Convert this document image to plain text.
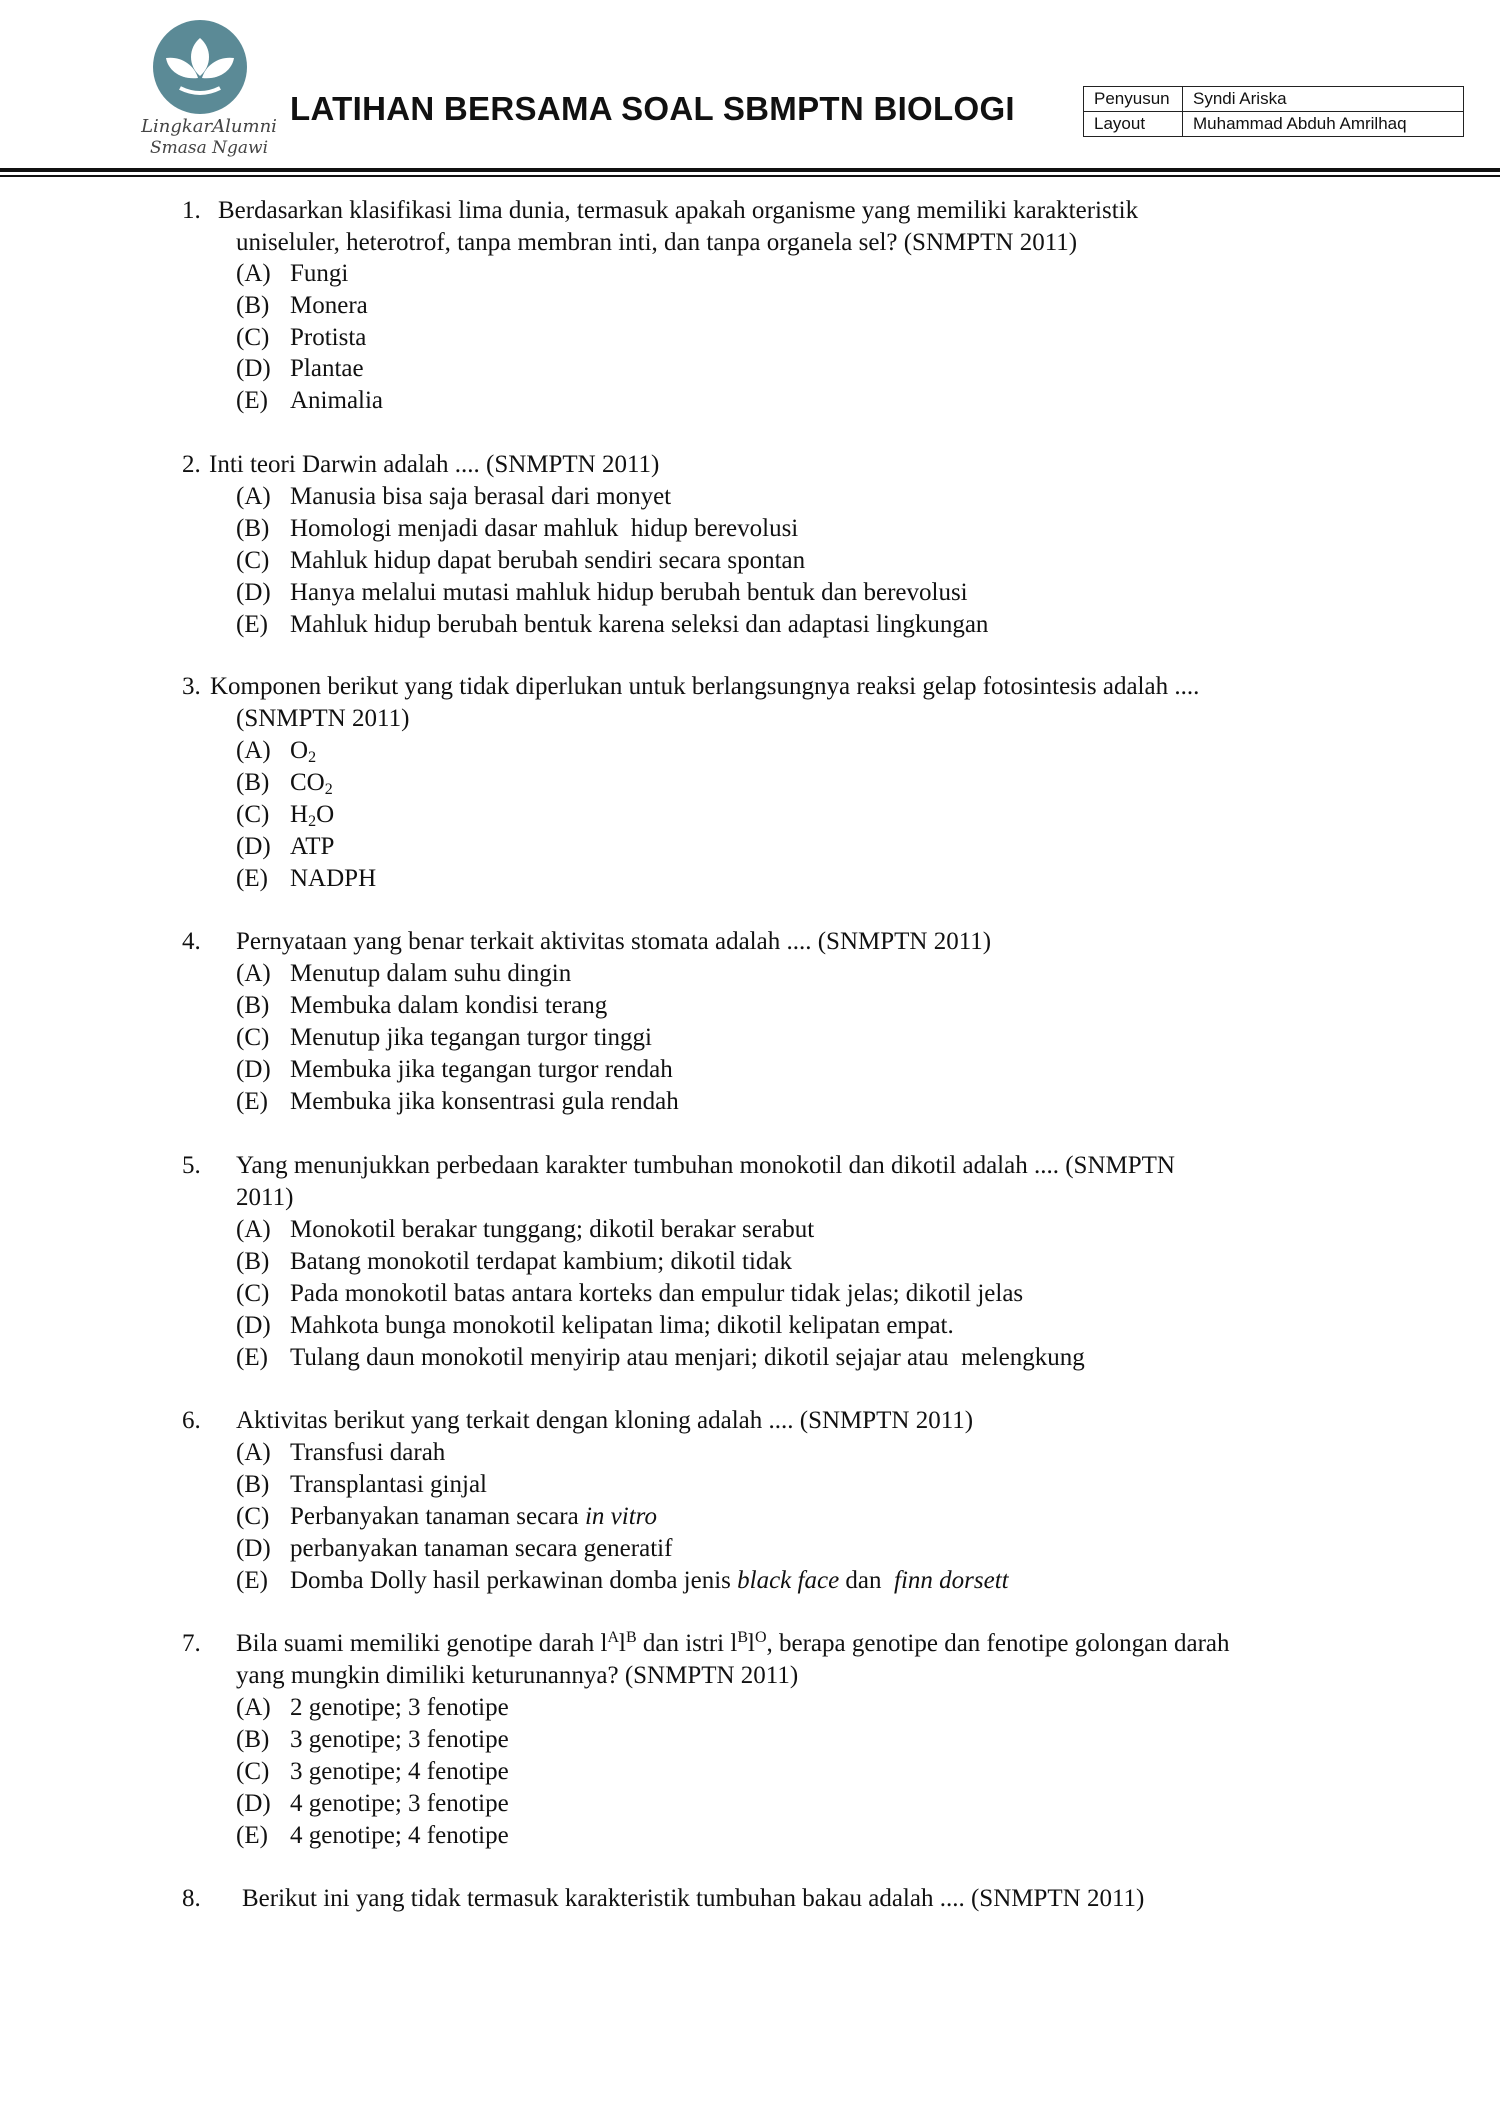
LingkarAlumni
Smasa Ngawi
LATIHAN BERSAMA SOAL SBMPTN BIOLOGI	Penyusun	Syndi Ariska
Layout	Muhammad Abduh Amrilhaq
1. Berdasarkan klasifikasi lima dunia, termasuk apakah organisme yang memiliki karakteristik
uniseluler, heterotrof, tanpa membran inti, dan tanpa organela sel? (SNMPTN 2011)
(A) Fungi
(B) Monera
(C) Protista
(D) Plantae
(E) Animalia
2. Inti teori Darwin adalah .... (SNMPTN 2011)
(A) Manusia bisa saja berasal dari monyet
(B) Homologi menjadi dasar mahluk  hidup berevolusi
(C) Mahluk hidup dapat berubah sendiri secara spontan
(D) Hanya melalui mutasi mahluk hidup berubah bentuk dan berevolusi
(E) Mahluk hidup berubah bentuk karena seleksi dan adaptasi lingkungan
3. Komponen berikut yang tidak diperlukan untuk berlangsungnya reaksi gelap fotosintesis adalah ....
(SNMPTN 2011)
(A) $O_2$
(B) $CO_2$
(C) $H_2O$
(D) ATP
(E) NADPH
4. Pernyataan yang benar terkait aktivitas stomata adalah .... (SNMPTN 2011)
(A) Menutup dalam suhu dingin
(B) Membuka dalam kondisi terang
(C) Menutup jika tegangan turgor tinggi
(D) Membuka jika tegangan turgor rendah
(E) Membuka jika konsentrasi gula rendah
5. Yang menunjukkan perbedaan karakter tumbuhan monokotil dan dikotil adalah .... (SNMPTN
2011)
(A) Monokotil berakar tunggang; dikotil berakar serabut
(B) Batang monokotil terdapat kambium; dikotil tidak
(C) Pada monokotil batas antara korteks dan empulur tidak jelas; dikotil jelas
(D) Mahkota bunga monokotil kelipatan lima; dikotil kelipatan empat.
(E) Tulang daun monokotil menyirip atau menjari; dikotil sejajar atau  melengkung
6. Aktivitas berikut yang terkait dengan kloning adalah .... (SNMPTN 2011)
(A) Transfusi darah
(B) Transplantasi ginjal
(C) Perbanyakan tanaman secara in vitro
(D) perbanyakan tanaman secara generatif
(E) Domba Dolly hasil perkawinan domba jenis black face dan  finn dorsett
7. Bila suami memiliki genotipe darah $l^Al^B$ dan istri $l^Bl^O$, berapa genotipe dan fenotipe golongan darah
yang mungkin dimiliki keturunannya? (SNMPTN 2011)
(A) 2 genotipe; 3 fenotipe
(B) 3 genotipe; 3 fenotipe
(C) 3 genotipe; 4 fenotipe
(D) 4 genotipe; 3 fenotipe
(E) 4 genotipe; 4 fenotipe
8. Berikut ini yang tidak termasuk karakteristik tumbuhan bakau adalah .... (SNMPTN 2011)
